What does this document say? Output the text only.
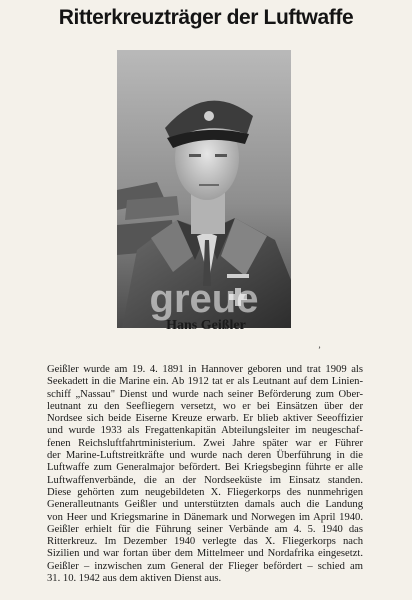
Ritterkreuzträger der Luftwaffe
greue
Hans Geißler
’
Geißler wurde am 19. 4. 1891 in Hannover geboren und trat 1909 als
Seekadett in die Marine ein. Ab 1912 tat er als Leutnant auf dem Linien-
schiff „Nassau" Dienst und wurde nach seiner Beförderung zum Ober-
leutnant zu den Seefliegern versetzt, wo er bei Einsätzen über der
Nordsee sich beide Eiserne Kreuze erwarb. Er blieb aktiver Seeoffizier
und wurde 1933 als Fregattenkapitän Abteilungsleiter im neugeschaf-
fenen Reichsluftfahrtministerium. Zwei Jahre später war er Führer
der Marine-Luftstreitkräfte und wurde nach deren Überführung in die
Luftwaffe zum Generalmajor befördert. Bei Kriegsbeginn führte er alle
Luftwaffenverbände, die an der Nordseeküste im Einsatz standen.
Diese gehörten zum neugebildeten X. Fliegerkorps des nunmehrigen
Generalleutnants Geißler und unterstützten damals auch die Landung
von Heer und Kriegsmarine in Dänemark und Norwegen im April 1940.
Geißler erhielt für die Führung seiner Verbände am 4. 5. 1940 das
Ritterkreuz. Im Dezember 1940 verlegte das X. Fliegerkorps nach
Sizilien und war fortan über dem Mittelmeer und Nordafrika eingesetzt.
Geißler – inzwischen zum General der Flieger befördert – schied am
31. 10. 1942 aus dem aktiven Dienst aus.
